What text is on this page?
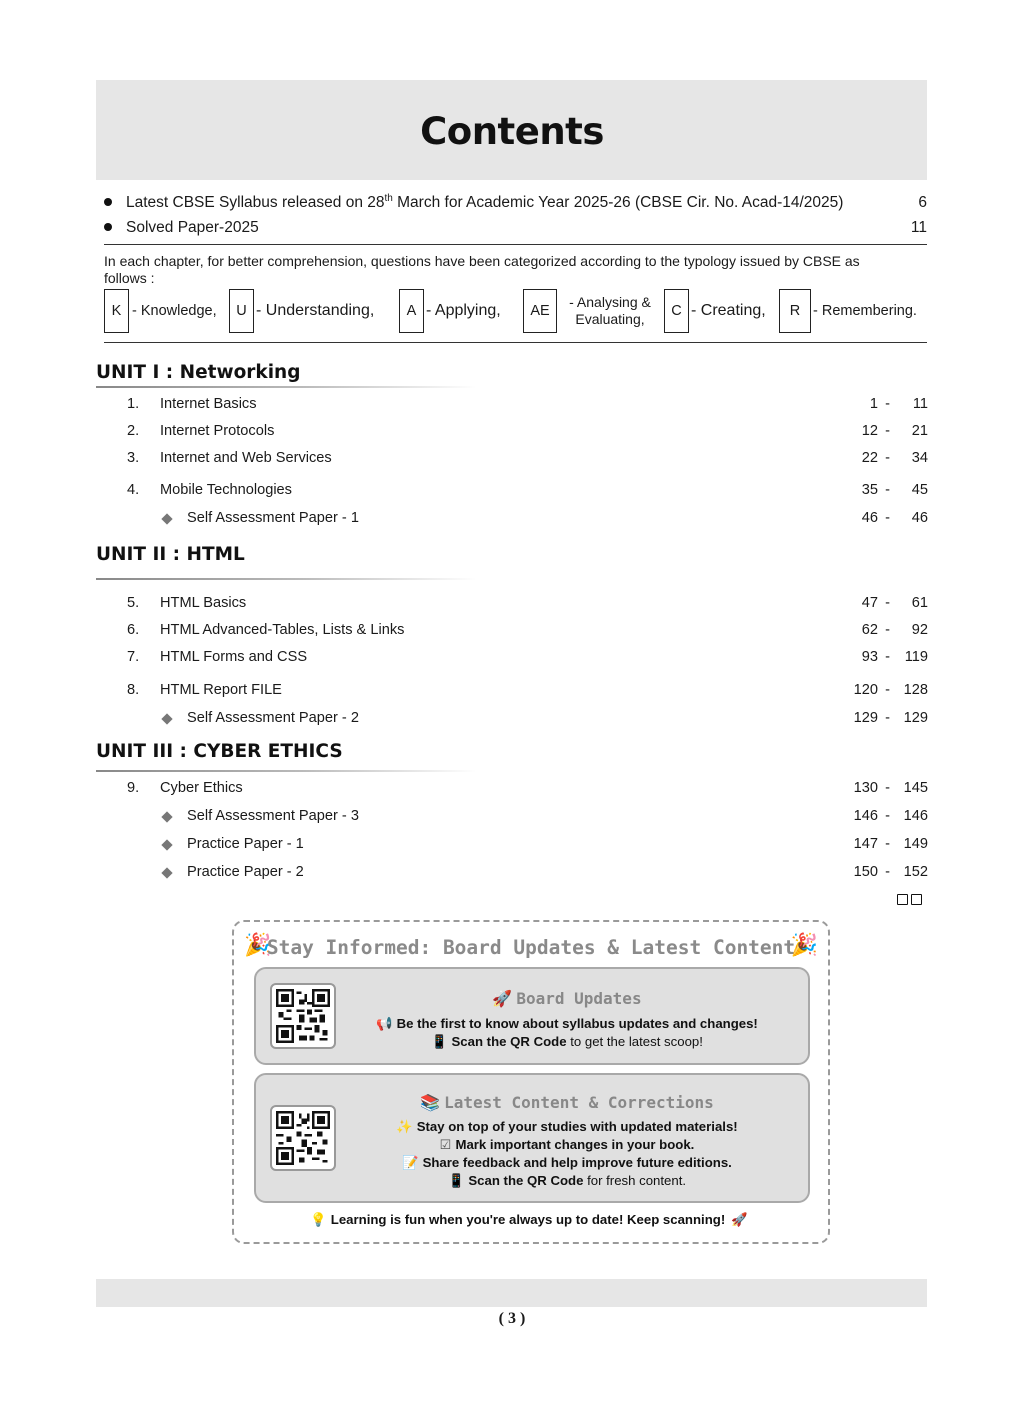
Contents
Latest CBSE Syllabus released on 28th March for Academic Year 2025-26 (CBSE Cir. No. Acad-14/2025)	6
Solved Paper-2025	11
In each chapter, for better comprehension, questions have been categorized according to the typology issued by CBSE as follows :
K - Knowledge,	U - Understanding,	A - Applying,	AE
- Analysing &
Evaluating,	C - Creating,	R - Remembering.
UNIT I : Networking
1. Internet Basics	1 - 11
2. Internet Protocols	12 - 21
3. Internet and Web Services	22 - 34
4. Mobile Technologies	35 - 45
Self Assessment Paper - 1	46 - 46
UNIT II : HTML
5. HTML Basics	47 - 61
6. HTML Advanced-Tables, Lists & Links	62 - 92
7. HTML Forms and CSS	93 - 119
8. HTML Report FILE	120 - 128
Self Assessment Paper - 2	129 - 129
UNIT III : CYBER ETHICS
9. Cyber Ethics	130 - 145
Self Assessment Paper - 3	146 - 146
Practice Paper - 1	147 - 149
Practice Paper - 2	150 - 152
🎉
Stay Informed: Board Updates & Latest Content
🎉
🚀 Board Updates
📢 Be the first to know about syllabus updates and changes!
📱 Scan the QR Code to get the latest scoop!
📚 Latest Content & Corrections
✨ Stay on top of your studies with updated materials!
☑ Mark important changes in your book.
📝 Share feedback and help improve future editions.
📱 Scan the QR Code for fresh content.
💡 Learning is fun when you're always up to date! Keep scanning! 🚀
( 3 )
